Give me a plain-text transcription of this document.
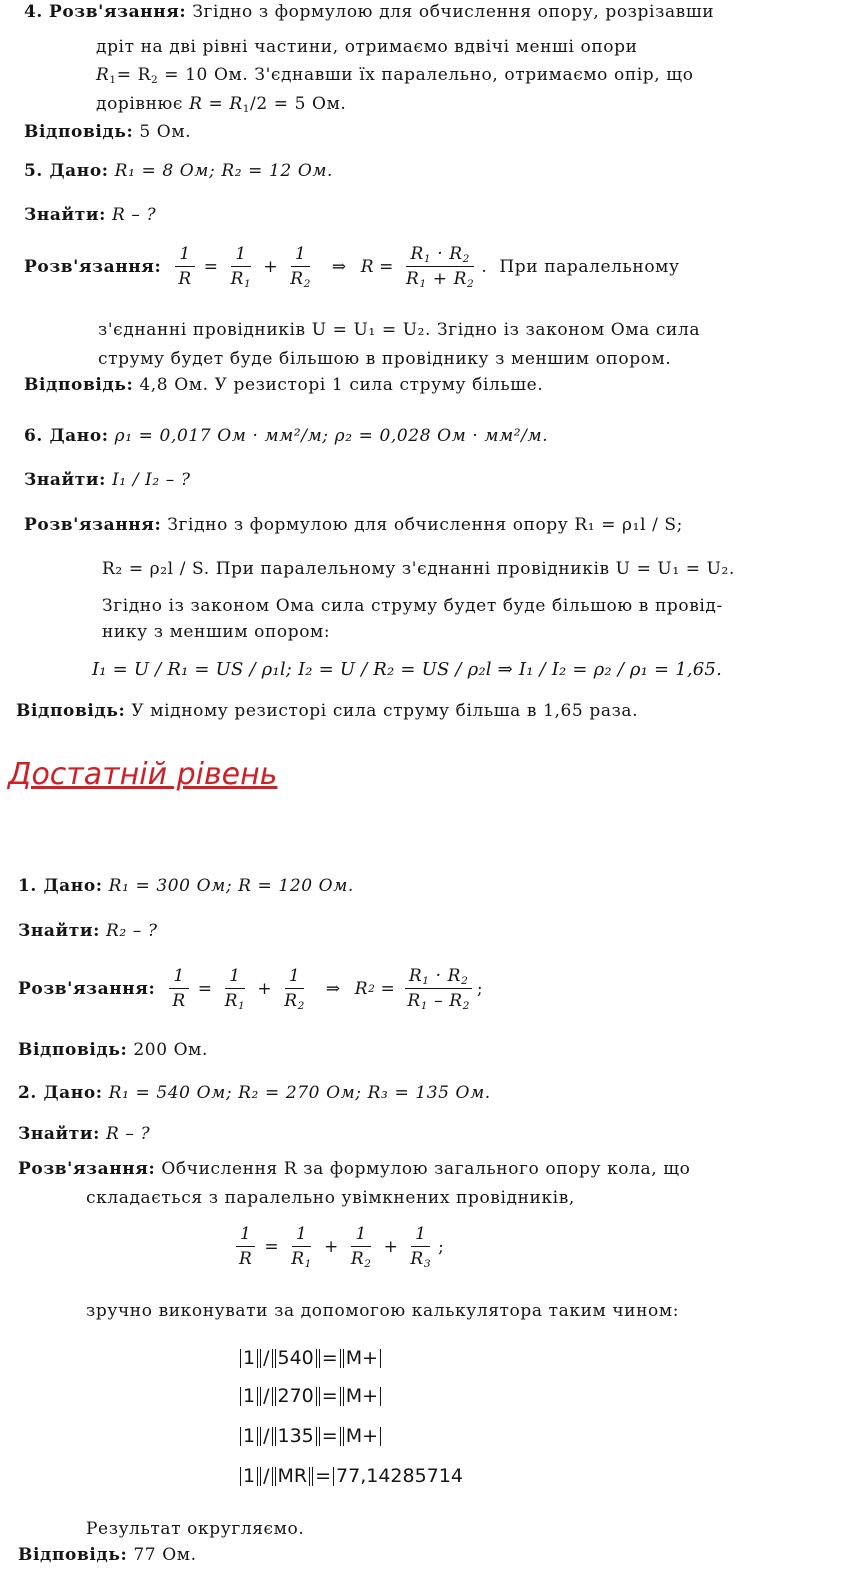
4. Розв'язання: Згідно з формулою для обчислення опору, розрізавши
дріт на дві рівні частини, отримаємо вдвічі менші опори
$R_1= R_2 = 10$ Ом. З'єднавши їх паралельно, отримаємо опір, що
дорівнює $R = R_1/2 = 5$ Ом.
Відповідь: 5 Ом.
5. Дано: R₁ = 8 Ом; R₂ = 12 Ом.
Знайти: R – ?
Розв'язання: $\frac{1}{R} = \frac{1}{R_1} + \frac{1}{R_2}$ ⇒ $R = \frac{R_1 \cdot R_2}{R_1 + R_2}$ . При паралельному
з'єднанні провідників U = U₁ = U₂. Згідно із законом Ома сила
струму будет буде більшою в провіднику з меншим опором.
Відповідь: 4,8 Ом. У резисторі 1 сила струму більше.
6. Дано: ρ₁ = 0,017 Ом · мм²/м; ρ₂ = 0,028 Ом · мм²/м.
Знайти: I₁ / I₂ – ?
Розв'язання: Згідно з формулою для обчислення опору R₁ = ρ₁l / S;
R₂ = ρ₂l / S. При паралельному з'єднанні провідників U = U₁ = U₂.
Згідно із законом Ома сила струму будет буде більшою в провід-
нику з меншим опором:
I₁ = U / R₁ = US / ρ₁l; I₂ = U / R₂ = US / ρ₂l ⇒ I₁ / I₂ = ρ₂ / ρ₁ = 1,65.
Відповідь: У мідному резисторі сила струму більша в 1,65 раза.
Достатній рівень
1. Дано: R₁ = 300 Ом; R = 120 Ом.
Знайти: R₂ – ?
Розв'язання: $\frac{1}{R} = \frac{1}{R_1} + \frac{1}{R_2}$ ⇒ R $2 = \frac{R_1 \cdot R_2}{R_1 - R_2}$ ;
Відповідь: 200 Ом.
2. Дано: R₁ = 540 Ом; R₂ = 270 Ом; R₃ = 135 Ом.
Знайти: R – ?
Розв'язання: Обчислення R за формулою загального опору кола, що
складається з паралельно увімкнених провідників,
$\frac{1}{R} = \frac{1}{R_1} + \frac{1}{R_2} + \frac{1}{R_3}$ ;
зручно виконувати за допомогою калькулятора таким чином:
1 / 540 = M+
1 / 270 = M+
1 / 135 = M+
1 / MR = 77,14285714
Результат округляємо.
Відповідь: 77 Ом.
